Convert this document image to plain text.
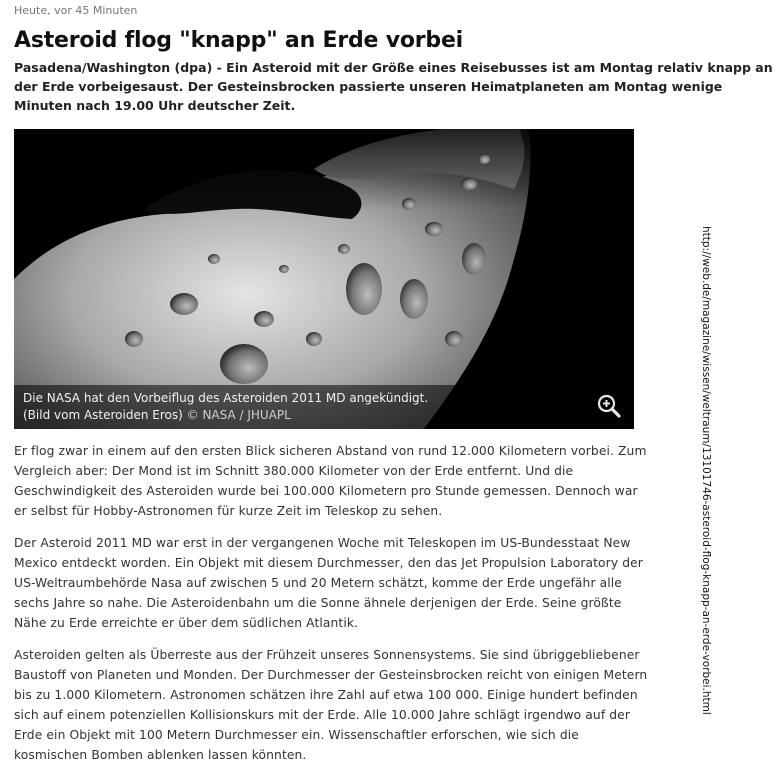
Heute, vor 45 Minuten
Asteroid flog "knapp" an Erde vorbei

Pasadena/Washington (dpa) - Ein Asteroid mit der Größe eines Reisebusses ist am Montag relativ knapp an der Erde vorbeigesaust. Der Gesteinsbrocken passierte unseren Heimatplaneten am Montag wenige Minuten nach 19.00 Uhr deutscher Zeit.

Die NASA hat den Vorbeiflug des Asteroiden 2011 MD angekündigt.
(Bild vom Asteroiden Eros) © NASA / JHUAPL

Er flog zwar in einem auf den ersten Blick sicheren Abstand von rund 12.000 Kilometern vorbei. Zum Vergleich aber: Der Mond ist im Schnitt 380.000 Kilometer von der Erde entfernt. Und die Geschwindigkeit des Asteroiden wurde bei 100.000 Kilometern pro Stunde gemessen. Dennoch war er selbst für Hobby-Astronomen für kurze Zeit im Teleskop zu sehen.

Der Asteroid 2011 MD war erst in der vergangenen Woche mit Teleskopen im US-Bundesstaat New Mexico entdeckt worden. Ein Objekt mit diesem Durchmesser, den das Jet Propulsion Laboratory der US-Weltraumbehörde Nasa auf zwischen 5 und 20 Metern schätzt, komme der Erde ungefähr alle sechs Jahre so nahe. Die Asteroidenbahn um die Sonne ähnele derjenigen der Erde. Seine größte Nähe zu Erde erreichte er über dem südlichen Atlantik.

Asteroiden gelten als Überreste aus der Frühzeit unseres Sonnensystems. Sie sind übriggebliebener Baustoff von Planeten und Monden. Der Durchmesser der Gesteinsbrocken reicht von einigen Metern bis zu 1.000 Kilometern. Astronomen schätzen ihre Zahl auf etwa 100 000. Einige hundert befinden sich auf einem potenziellen Kollisionskurs mit der Erde. Alle 10.000 Jahre schlägt irgendwo auf der Erde ein Objekt mit 100 Metern Durchmesser ein. Wissenschaftler erforschen, wie sich die kosmischen Bomben ablenken lassen könnten.

http://web.de/magazine/wissen/weltraum/13101746-asteroid-flog-knapp-an-erde-vorbei.html
